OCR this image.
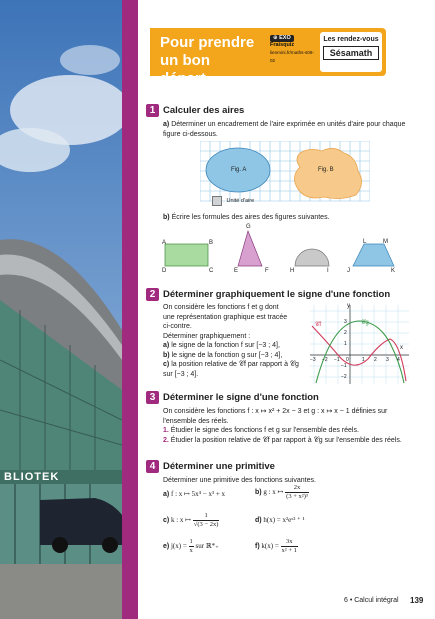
BLIOTEK
Pour prendre un bon départ
⊕ EXO
Fraisquiz
lienmini.fr/maths-s06-02
Les rendez-vous
Sésamath
1 Calculer des aires
a) Déterminer un encadrement de l'aire exprimée en unités d'aire pour chaque figure ci-dessous.
Fig. A	Fig. B
Unité d'aire
b) Écrire les formules des aires des figures suivantes.
A	B
D	C
G
E	F	H	I	J	K
L	M
2 Déterminer graphiquement le signe d'une fonction
On considère les fonctions f et g dont
une représentation graphique est tracée
ci-contre.
Déterminer graphiquement :
a) le signe de la fonction f sur [−3 ; 4],
b) le signe de la fonction g sur [−3 ; 4],
c) la position relative de 𝒞f par rapport à 𝒞g
sur [−3 ; 4].
y
x
𝒞f	𝒞g
−3 −2 −1 0	1 2 3 4
3
2
1
−1
−2
3 Déterminer le signe d'une fonction
On considère les fonctions f : x ↦ x² + 2x − 3 et g : x ↦ x − 1 définies sur
l'ensemble des réels.
1. Étudier le signe des fonctions f et g sur l'ensemble des réels.
2. Étudier la position relative de 𝒞f par rapport à 𝒞g sur l'ensemble des réels.
4 Déterminer une primitive
Déterminer une primitive des fonctions suivantes.
a) f : x ↦ 5x⁴ − x³ + x	b) g : x ↦ $\frac{2x}{\text{(3 + x²)³}}$
c) k : x ↦ $\frac{1}{√(3 - 2x)}$	d) h(x) = x²eˣ³ ⁺ ¹
e) $j(x) = \frac{1}{x}$ sur ℝ*₊	f) $k(x) = \frac{3x}{\text{x² + 1}}$
6 • Calcul intégral 139
